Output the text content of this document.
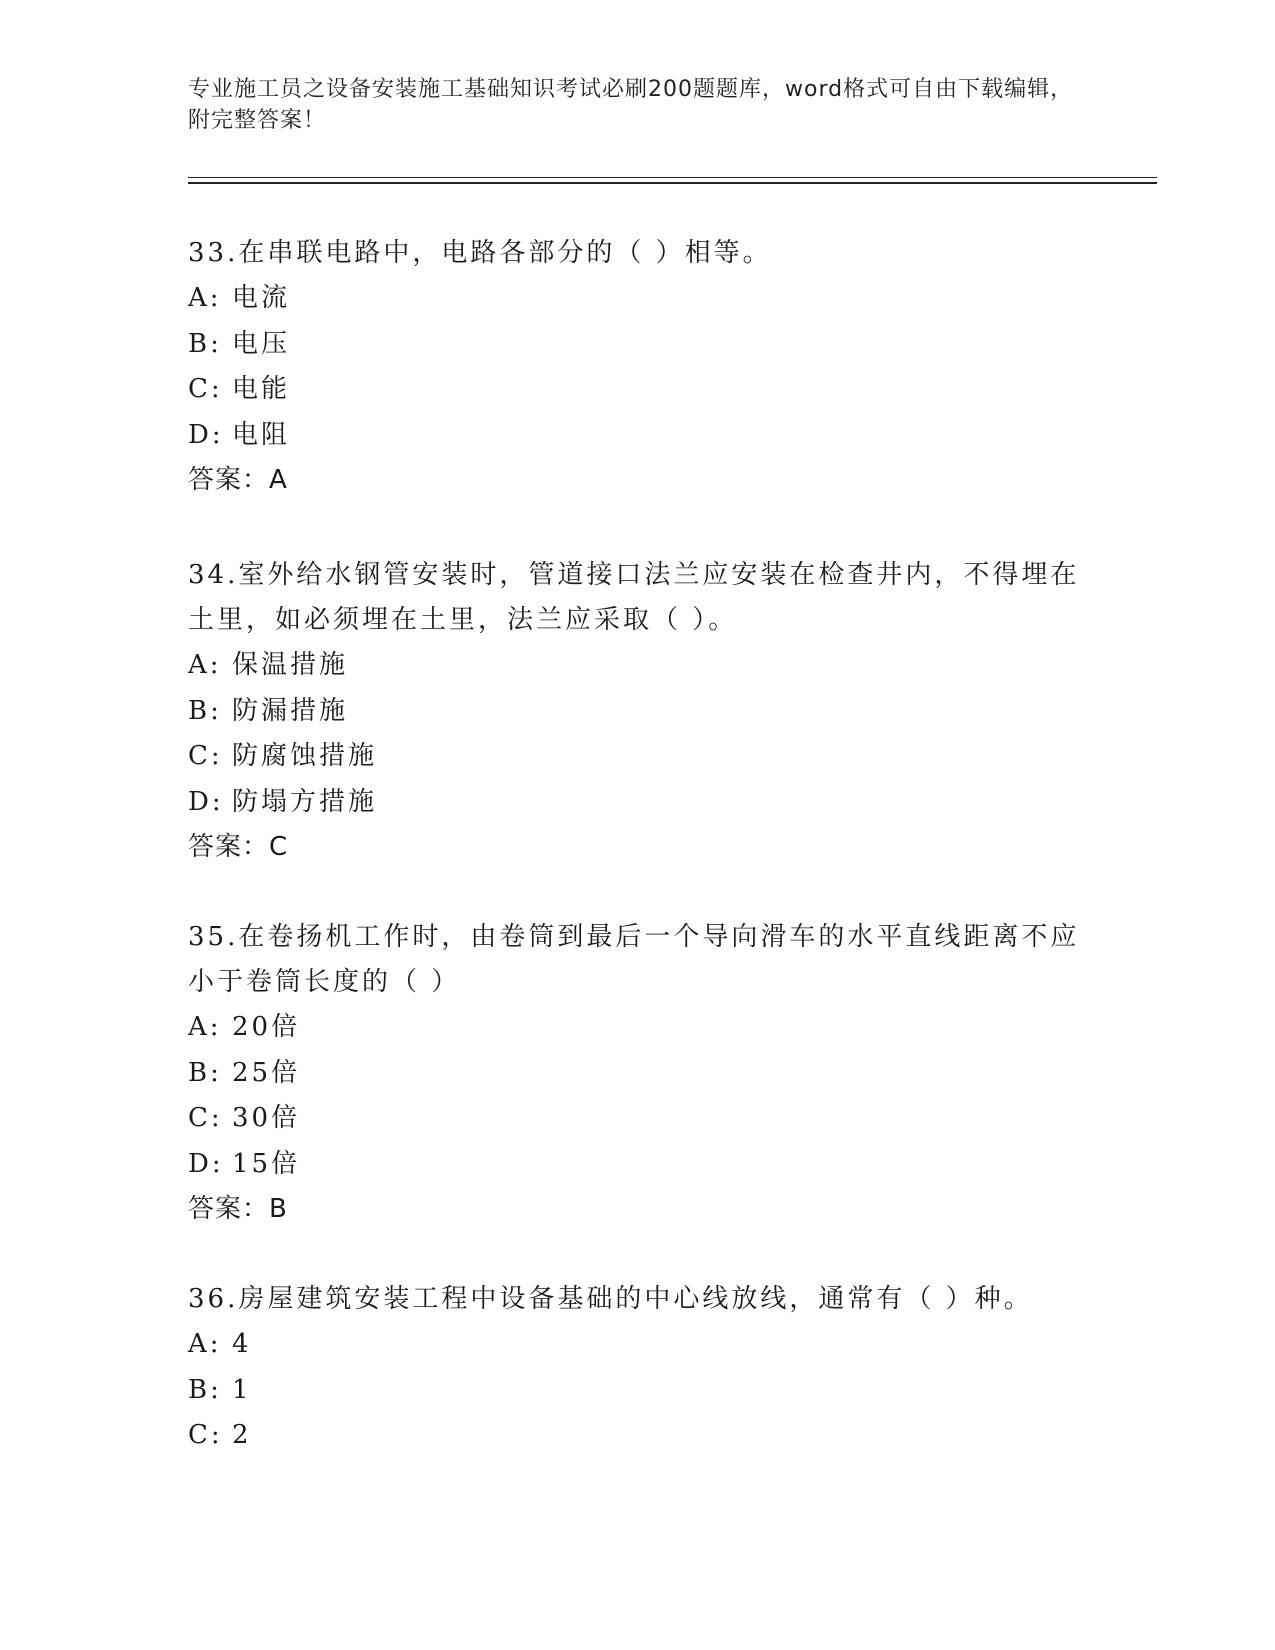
专业施工员之设备安装施工基础知识考试必刷200题题库，word格式可自由下载编辑，附完整答案！

33.在串联电路中，电路各部分的（ ）相等。

A: 电流
B: 电压
C: 电能
D: 电阻
答案：A

34.室外给水钢管安装时，管道接口法兰应安装在检查井内，不得埋在土里，如必须埋在土里，法兰应采取（ ）。

A: 保温措施
B: 防漏措施
C: 防腐蚀措施
D: 防塌方措施
答案：C

35.在卷扬机工作时，由卷筒到最后一个导向滑车的水平直线距离不应小于卷筒长度的（ ）

A: 20倍
B: 25倍
C: 30倍
D: 15倍
答案：B

36.房屋建筑安装工程中设备基础的中心线放线，通常有（ ）种。

A: 4
B: 1
C: 2
